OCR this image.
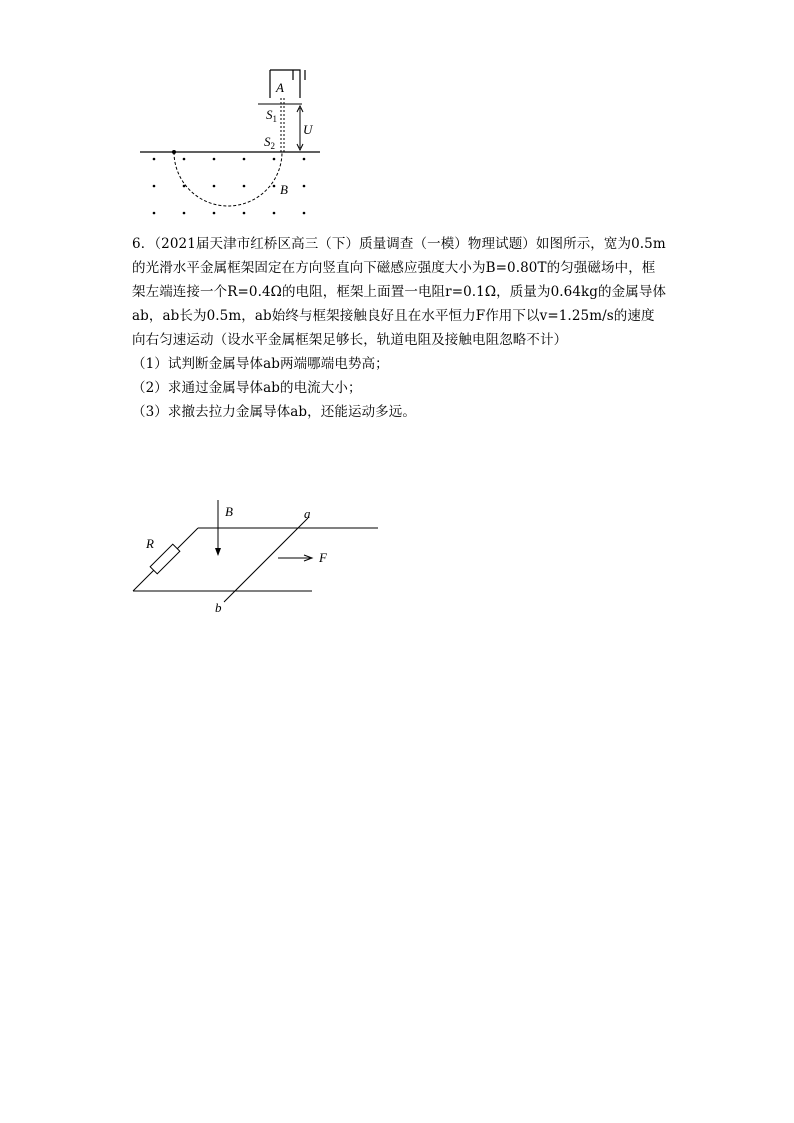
A
$S_1$
U
$S_2$
B

6．（2021届天津市红桥区高三（下）质量调查（一模）物理试题）如图所示，宽为0.5m

的光滑水平金属框架固定在方向竖直向下磁感应强度大小为B=0.80T的匀强磁场中，框

架左端连接一个R=0.4Ω的电阻，框架上面置一电阻r=0.1Ω，质量为0.64kg的金属导体

ab，ab长为0.5m，ab始终与框架接触良好且在水平恒力F作用下以v=1.25m/s的速度

向右匀速运动（设水平金属框架足够长，轨道电阻及接触电阻忽略不计）

（1）试判断金属导体ab两端哪端电势高；

（2）求通过金属导体ab的电流大小；

（3）求撤去拉力金属导体ab，还能运动多远。

R
B	a
b
F
